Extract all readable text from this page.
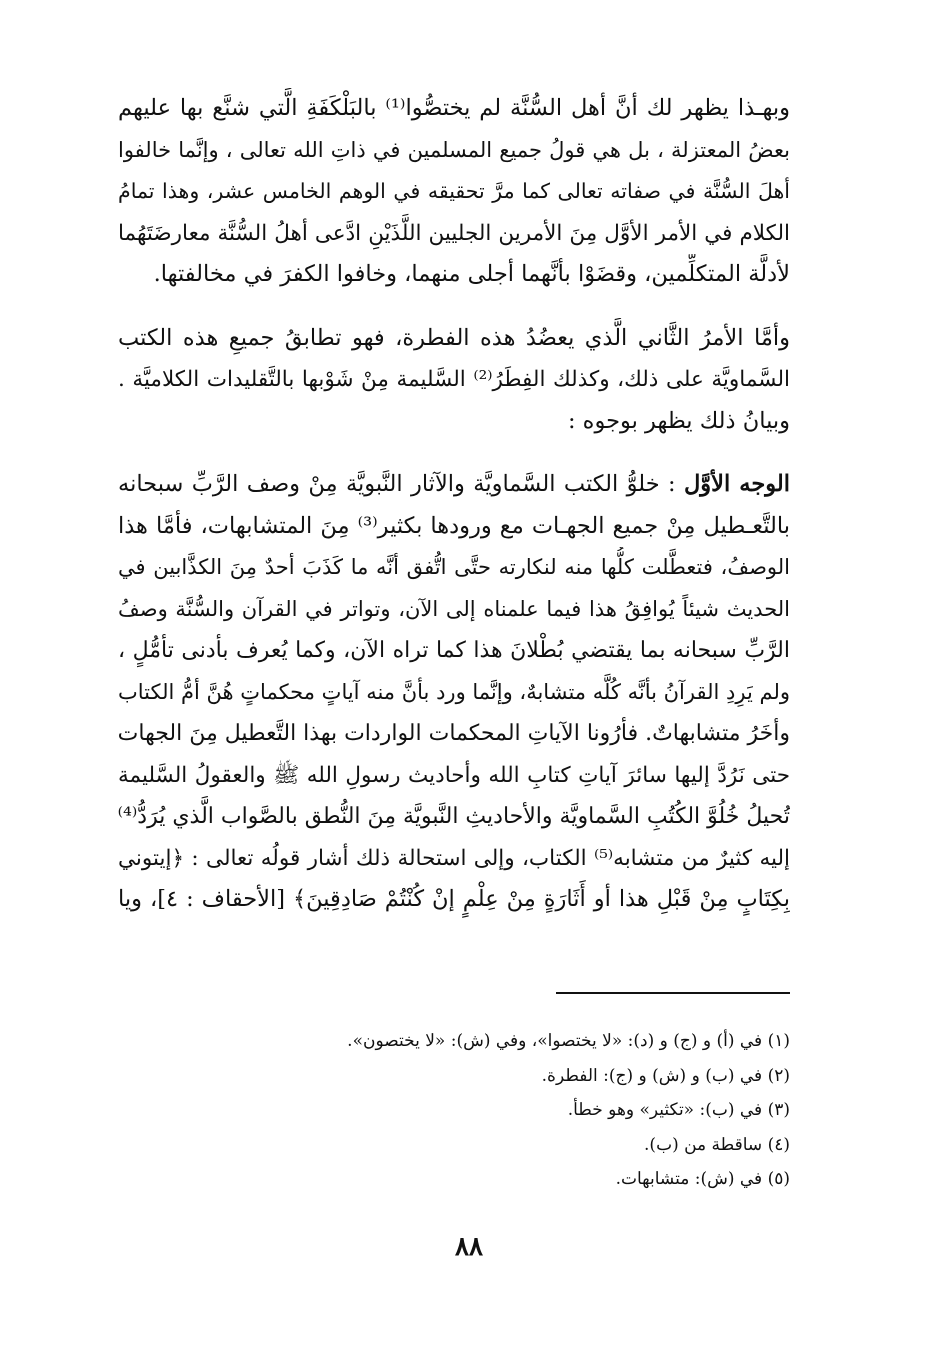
وبهـذا يظهر لك أنَّ أهل السُّنَّة لم يختصُّوا⁽¹⁾ بالبَلْكَفَةِ الَّتي شنَّع بها عليهم
بعضُ المعتزلة ، بل هي قولُ جميع المسلمين في ذاتِ الله تعالى ، وإنَّما خالفوا
أهلَ السُّنَّة في صفاته تعالى كما مرَّ تحقيقه في الوهم الخامس عشر، وهذا تمامُ
الكلام في الأمر الأوَّل مِنَ الأمرين الجليين اللَّذَيْنِ ادَّعى أهلُ السُّنَّة معارضَتَهُما
لأدلَّة المتكلِّمين، وقضَوْا بأنَّهما أجلى منهما، وخافوا الكفرَ في مخالفتها.
وأمَّا الأمرُ الثَّاني الَّذي يعضُدُ هذه الفطرة، فهو تطابقُ جميعِ هذه الكتب
السَّماويَّة على ذلك، وكذلك الفِطَرُ⁽²⁾ السَّليمة مِنْ شَوْبها بالتَّقليدات الكلاميَّة .
وبيانُ ذلك يظهر بوجوه :
الوجه الأوَّل : خلوُّ الكتب السَّماويَّة والآثار النَّبويَّة مِنْ وصف الرَّبِّ سبحانه
بالتَّعـطيل مِنْ جميع الجهـات مع ورودها بكثير⁽³⁾ مِنَ المتشابهات، فأمَّا هذا
الوصفُ، فتعطَّلت كلُّها منه لنكارته حتَّى اتُّفق أنَّه ما كَذَبَ أحدٌ مِنَ الكذَّابين في
الحديث شيئاً يُوافِقُ هذا فيما علمناه إلى الآن، وتواتر في القرآن والسُّنَّة وصفُ
الرَّبِّ سبحانه بما يقتضي بُطْلانَ هذا كما تراه الآن، وكما يُعرف بأدنى تأمُّلٍ ،
ولم يَرِدِ القرآنُ بأنَّه كُلَّه متشابهٌ، وإنَّما ورد بأنَّ منه آياتٍ محكماتٍ هُنَّ أمُّ الكتاب
وأخَرُ متشابهاتٌ. فأرُونا الآياتِ المحكمات الواردات بهذا التَّعطيل مِنَ الجهات
حتى نَرُدَّ إليها سائرَ آياتِ كتابِ الله وأحاديث رسولِ الله ﷺ والعقولُ السَّليمة
تُحيلُ خُلُوَّ الكُتُبِ السَّماويَّة والأحاديثِ النَّبويَّة مِنَ النُّطق بالصَّواب الَّذي يُرَدُّ⁽⁴⁾
إليه كثيرٌ من متشابه⁽⁵⁾ الكتاب، وإلى استحالة ذلك أشار قولُه تعالى : ﴿إيتوني
بِكِتَابٍ مِنْ قَبْلِ هذا أو أَثَارَةٍ مِنْ عِلْمٍ إنْ كُنْتُمْ صَادِقِينَ﴾ [الأحقاف : ٤]، ويا
(١) في (أ) و (ج) و (د): «لا يختصوا»، وفي (ش): «لا يختصون».
(٢) في (ب) و (ش) و (ج): الفطرة.
(٣) في (ب): «تكثير» وهو خطأ.
(٤) ساقطة من (ب).
(٥) في (ش): متشابهات.
٨٨
